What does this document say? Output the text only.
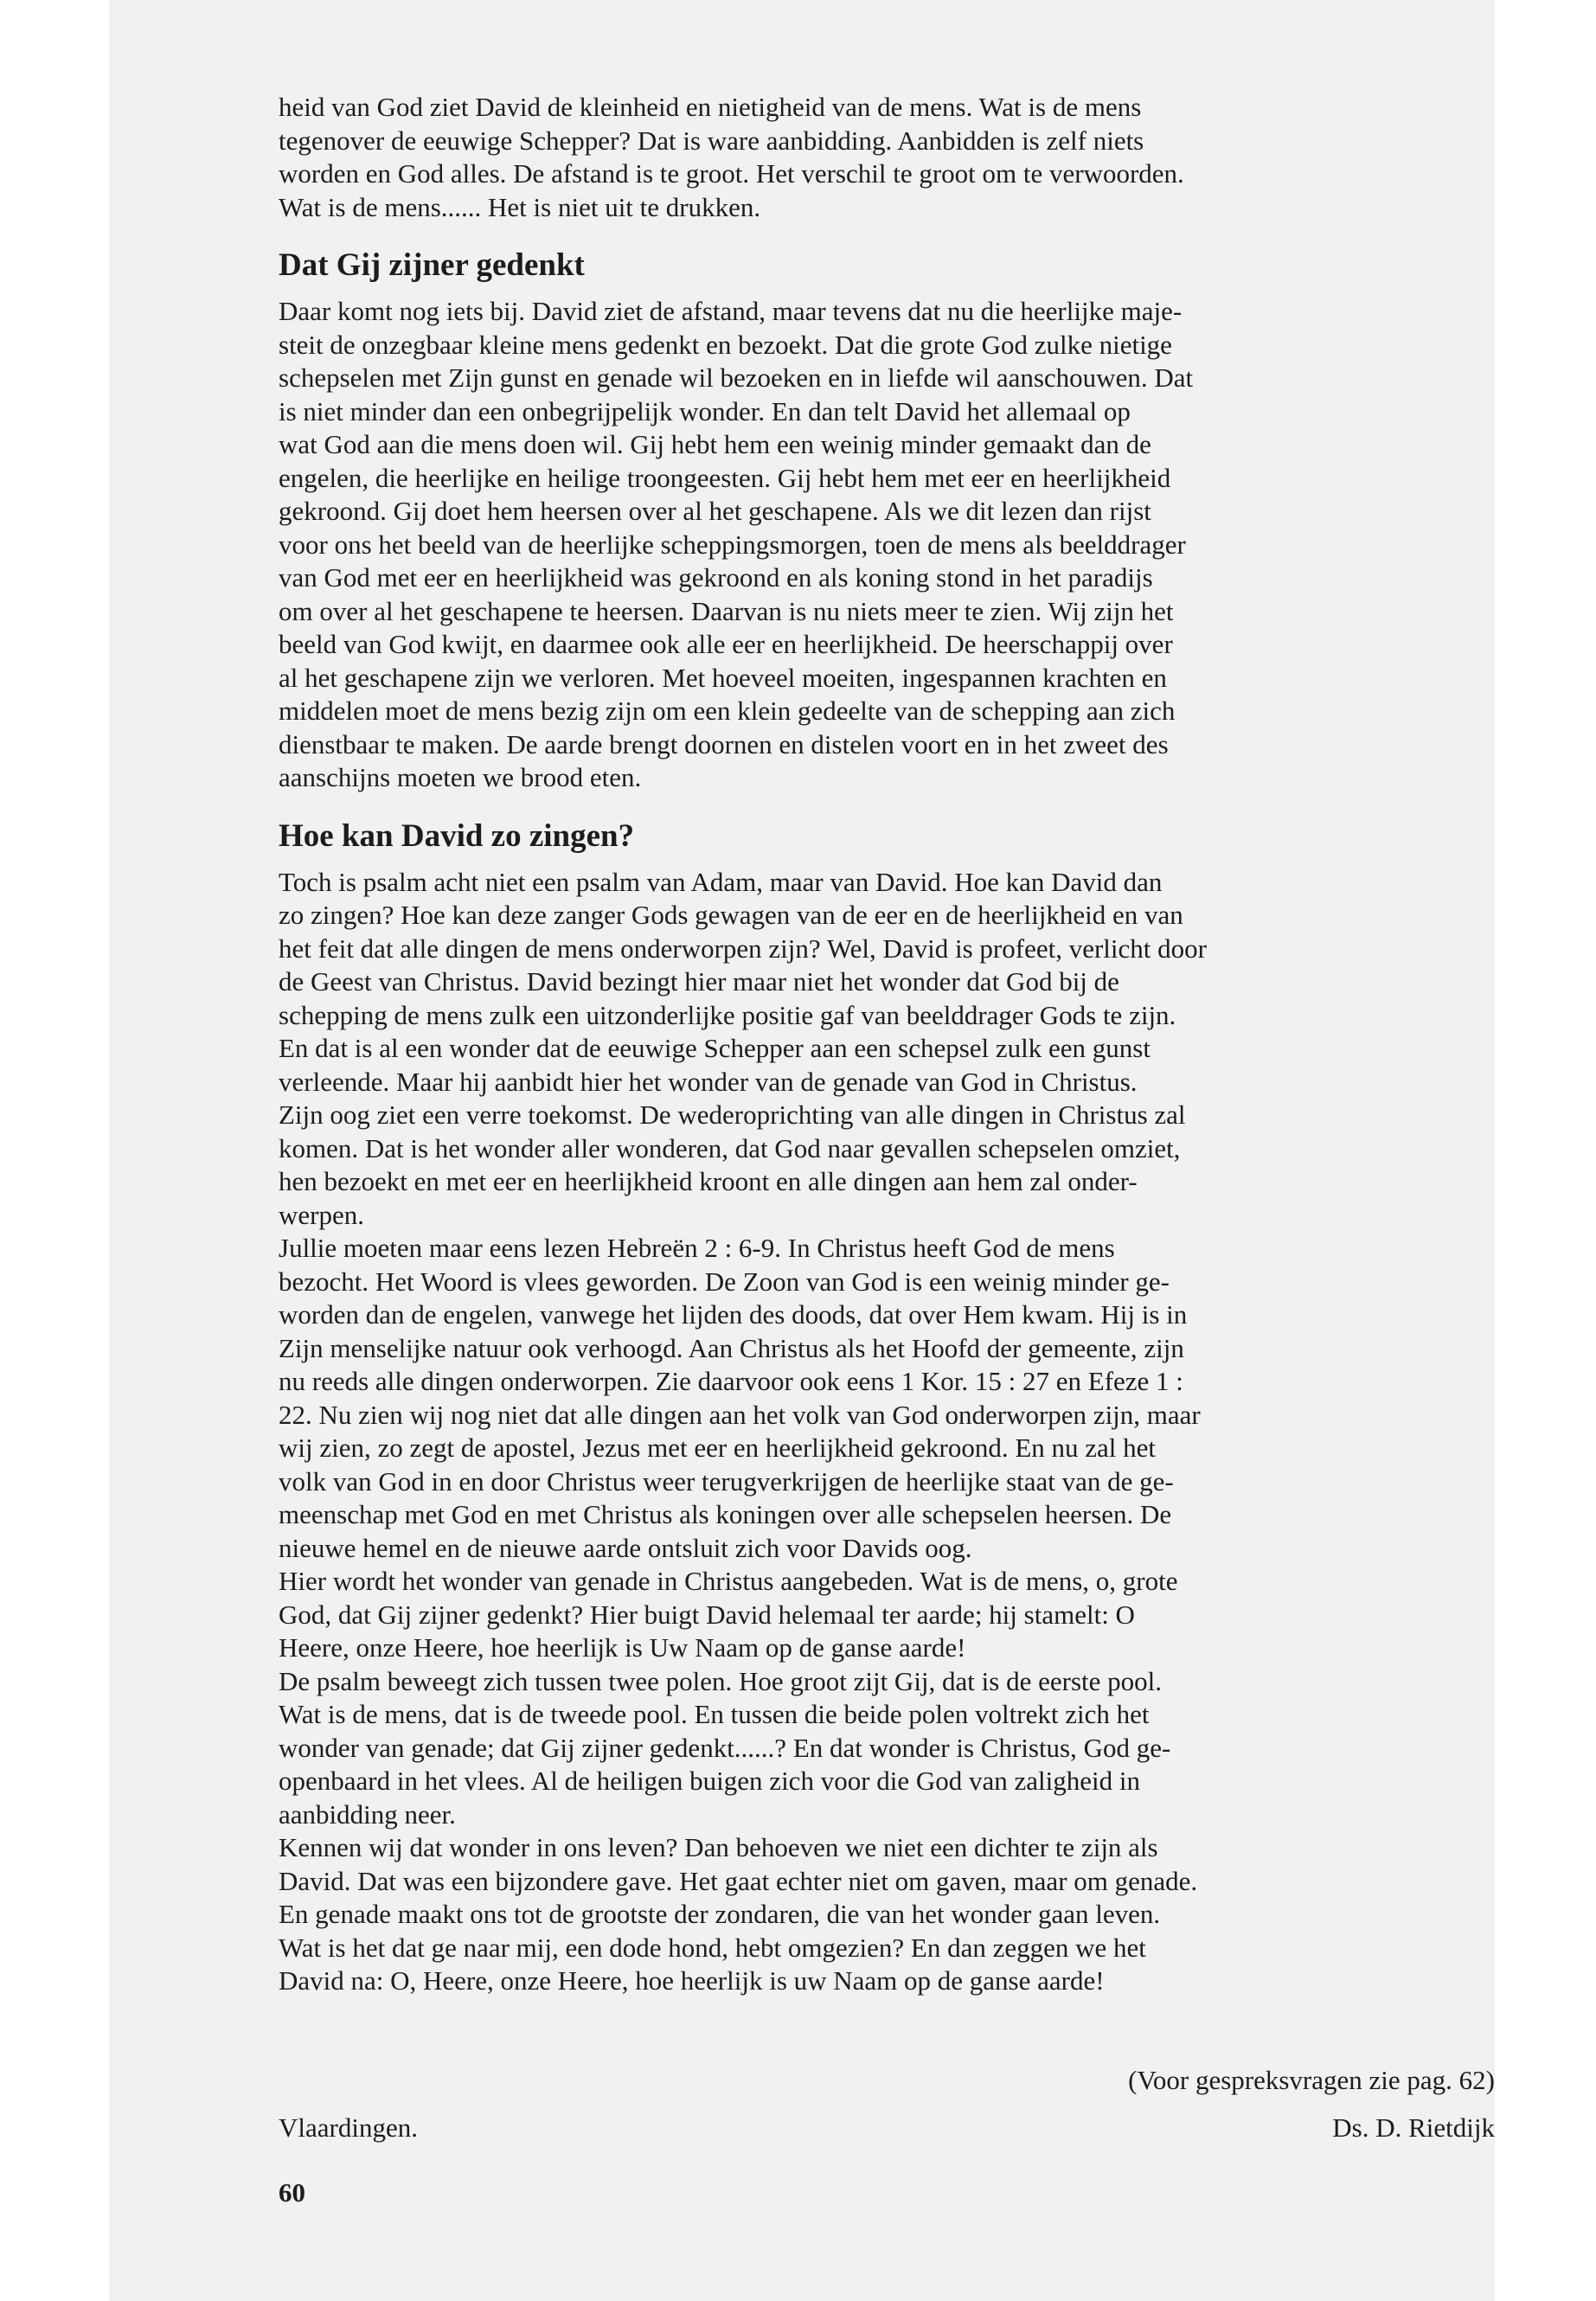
heid van God ziet David de kleinheid en nietigheid van de mens. Wat is de mens
tegenover de eeuwige Schepper? Dat is ware aanbidding. Aanbidden is zelf niets
worden en God alles. De afstand is te groot. Het verschil te groot om te verwoorden.
Wat is de mens...... Het is niet uit te drukken.
Dat Gij zijner gedenkt
Daar komt nog iets bij. David ziet de afstand, maar tevens dat nu die heerlijke maje-
steit de onzegbaar kleine mens gedenkt en bezoekt. Dat die grote God zulke nietige
schepselen met Zijn gunst en genade wil bezoeken en in liefde wil aanschouwen. Dat
is niet minder dan een onbegrijpelijk wonder. En dan telt David het allemaal op
wat God aan die mens doen wil. Gij hebt hem een weinig minder gemaakt dan de
engelen, die heerlijke en heilige troongeesten. Gij hebt hem met eer en heerlijkheid
gekroond. Gij doet hem heersen over al het geschapene. Als we dit lezen dan rijst
voor ons het beeld van de heerlijke scheppingsmorgen, toen de mens als beelddrager
van God met eer en heerlijkheid was gekroond en als koning stond in het paradijs
om over al het geschapene te heersen. Daarvan is nu niets meer te zien. Wij zijn het
beeld van God kwijt, en daarmee ook alle eer en heerlijkheid. De heerschappij over
al het geschapene zijn we verloren. Met hoeveel moeiten, ingespannen krachten en
middelen moet de mens bezig zijn om een klein gedeelte van de schepping aan zich
dienstbaar te maken. De aarde brengt doornen en distelen voort en in het zweet des
aanschijns moeten we brood eten.
Hoe kan David zo zingen?
Toch is psalm acht niet een psalm van Adam, maar van David. Hoe kan David dan
zo zingen? Hoe kan deze zanger Gods gewagen van de eer en de heerlijkheid en van
het feit dat alle dingen de mens onderworpen zijn? Wel, David is profeet, verlicht door
de Geest van Christus. David bezingt hier maar niet het wonder dat God bij de
schepping de mens zulk een uitzonderlijke positie gaf van beelddrager Gods te zijn.
En dat is al een wonder dat de eeuwige Schepper aan een schepsel zulk een gunst
verleende. Maar hij aanbidt hier het wonder van de genade van God in Christus.
Zijn oog ziet een verre toekomst. De wederoprichting van alle dingen in Christus zal
komen. Dat is het wonder aller wonderen, dat God naar gevallen schepselen omziet,
hen bezoekt en met eer en heerlijkheid kroont en alle dingen aan hem zal onder-
werpen.
Jullie moeten maar eens lezen Hebreën 2 : 6-9. In Christus heeft God de mens
bezocht. Het Woord is vlees geworden. De Zoon van God is een weinig minder ge-
worden dan de engelen, vanwege het lijden des doods, dat over Hem kwam. Hij is in
Zijn menselijke natuur ook verhoogd. Aan Christus als het Hoofd der gemeente, zijn
nu reeds alle dingen onderworpen. Zie daarvoor ook eens 1 Kor. 15 : 27 en Efeze 1 :
22. Nu zien wij nog niet dat alle dingen aan het volk van God onderworpen zijn, maar
wij zien, zo zegt de apostel, Jezus met eer en heerlijkheid gekroond. En nu zal het
volk van God in en door Christus weer terugverkrijgen de heerlijke staat van de ge-
meenschap met God en met Christus als koningen over alle schepselen heersen. De
nieuwe hemel en de nieuwe aarde ontsluit zich voor Davids oog.
Hier wordt het wonder van genade in Christus aangebeden. Wat is de mens, o, grote
God, dat Gij zijner gedenkt? Hier buigt David helemaal ter aarde; hij stamelt: O
Heere, onze Heere, hoe heerlijk is Uw Naam op de ganse aarde!
De psalm beweegt zich tussen twee polen. Hoe groot zijt Gij, dat is de eerste pool.
Wat is de mens, dat is de tweede pool. En tussen die beide polen voltrekt zich het
wonder van genade; dat Gij zijner gedenkt......? En dat wonder is Christus, God ge-
openbaard in het vlees. Al de heiligen buigen zich voor die God van zaligheid in
aanbidding neer.
Kennen wij dat wonder in ons leven? Dan behoeven we niet een dichter te zijn als
David. Dat was een bijzondere gave. Het gaat echter niet om gaven, maar om genade.
En genade maakt ons tot de grootste der zondaren, die van het wonder gaan leven.
Wat is het dat ge naar mij, een dode hond, hebt omgezien? En dan zeggen we het
David na: O, Heere, onze Heere, hoe heerlijk is uw Naam op de ganse aarde!
(Voor gespreksvragen zie pag. 62)
Vlaardingen.	Ds. D. Rietdijk
60
